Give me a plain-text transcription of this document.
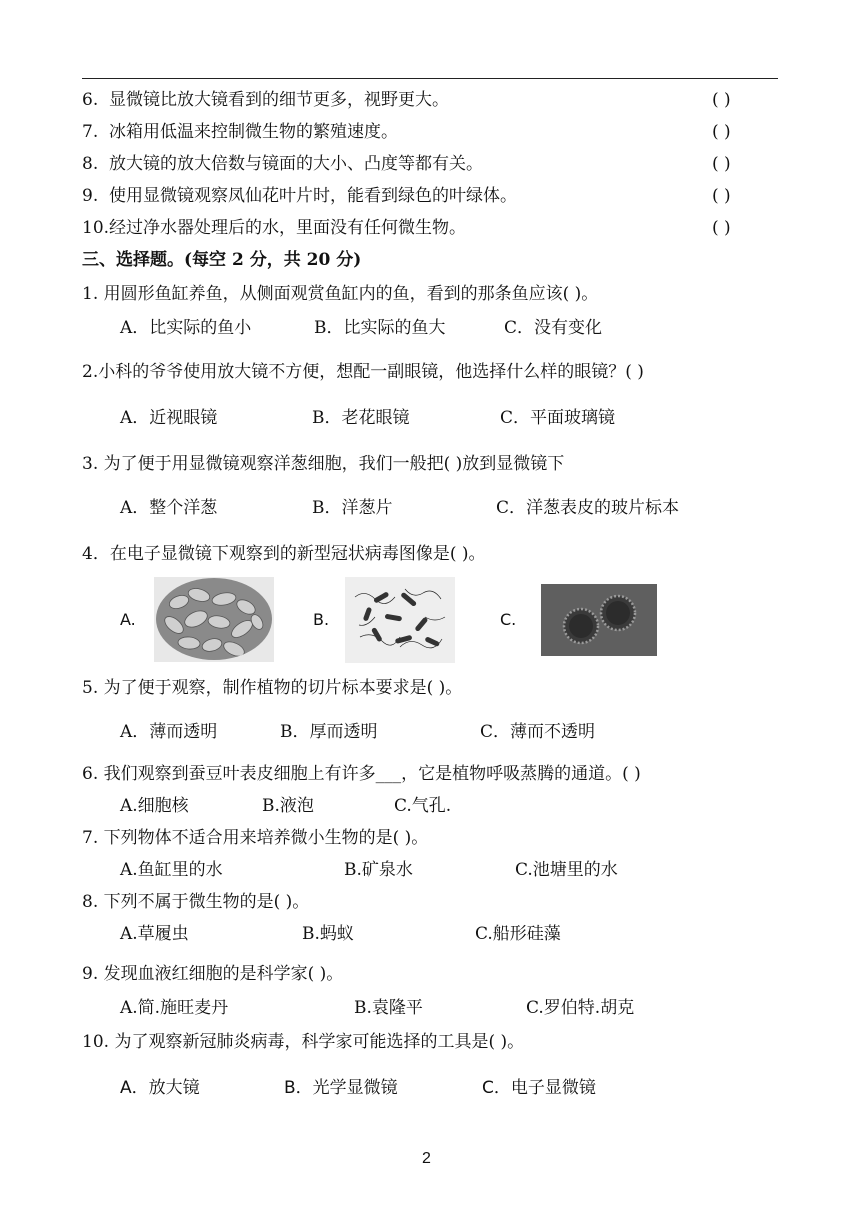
6. 显微镜比放大镜看到的细节更多，视野更大。	( )
7. 冰箱用低温来控制微生物的繁殖速度。	( )
8. 放大镜的放大倍数与镜面的大小、凸度等都有关。	( )
9. 使用显微镜观察凤仙花叶片时，能看到绿色的叶绿体。	( )
10.经过净水器处理后的水，里面没有任何微生物。	( )
三、选择题。(每空 2 分，共 20 分)
1. 用圆形鱼缸养鱼，从侧面观赏鱼缸内的鱼，看到的那条鱼应该( )。
A．比实际的鱼小	B．比实际的鱼大	C．没有变化
2.小科的爷爷使用放大镜不方便，想配一副眼镜，他选择什么样的眼镜？( )
A．近视眼镜	B．老花眼镜	C．平面玻璃镜
3. 为了便于用显微镜观察洋葱细胞，我们一般把( )放到显微镜下
A．整个洋葱	B．洋葱片	C．洋葱表皮的玻片标本
4．在电子显微镜下观察到的新型冠状病毒图像是( )。
A.	B.	C.
5. 为了便于观察，制作植物的切片标本要求是( )。
A．薄而透明	B．厚而透明	C．薄而不透明
6. 我们观察到蚕豆叶表皮细胞上有许多___，它是植物呼吸蒸腾的通道。( )
A.细胞核	B.液泡	C.气孔.
7. 下列物体不适合用来培养微小生物的是( )。
A.鱼缸里的水	B.矿泉水	C.池塘里的水
8. 下列不属于微生物的是( )。
A.草履虫	B.蚂蚁	C.船形硅藻
9. 发现血液红细胞的是科学家( )。
A.简.施旺麦丹	B.袁隆平	C.罗伯特.胡克
10. 为了观察新冠肺炎病毒，科学家可能选择的工具是( )。
A．放大镜	B．光学显微镜	C．电子显微镜
2
